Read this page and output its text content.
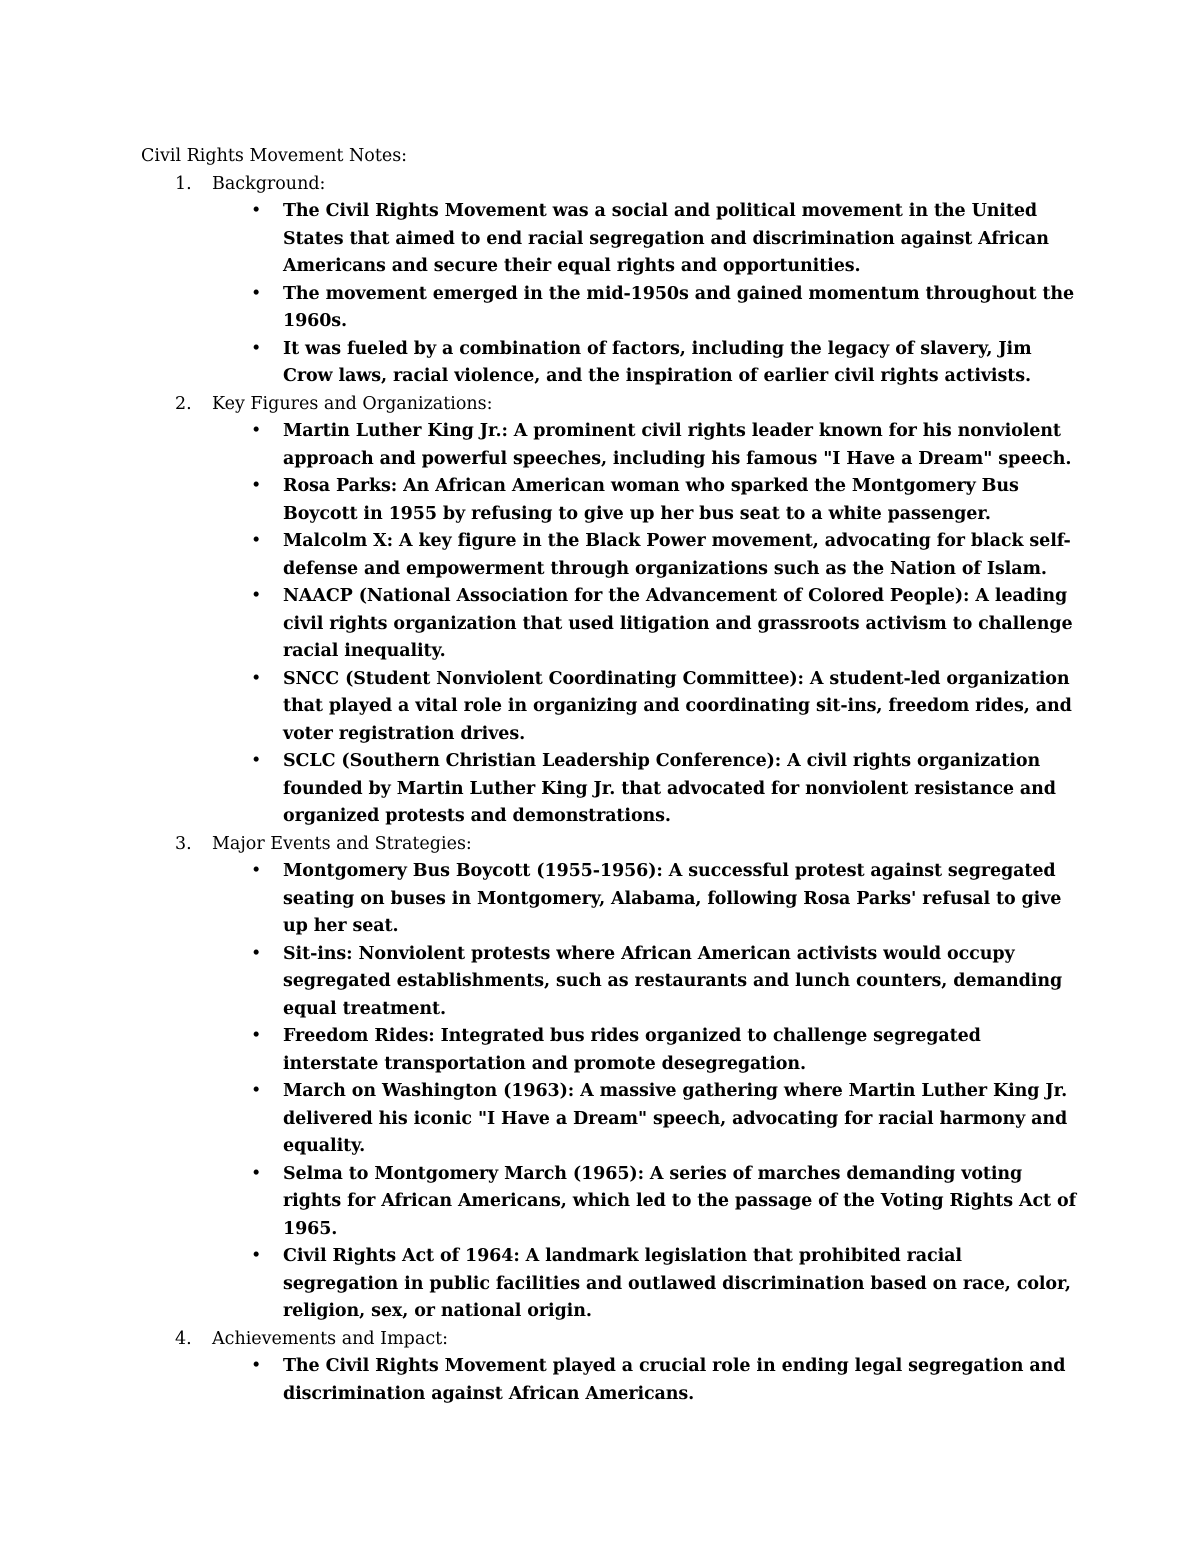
Civil Rights Movement Notes:

1. Background:
• The Civil Rights Movement was a social and political movement in the United States that aimed to end racial segregation and discrimination against African Americans and secure their equal rights and opportunities.
• The movement emerged in the mid-1950s and gained momentum throughout the 1960s.
• It was fueled by a combination of factors, including the legacy of slavery, Jim Crow laws, racial violence, and the inspiration of earlier civil rights activists.
2. Key Figures and Organizations:
• Martin Luther King Jr.: A prominent civil rights leader known for his nonviolent approach and powerful speeches, including his famous "I Have a Dream" speech.
• Rosa Parks: An African American woman who sparked the Montgomery Bus Boycott in 1955 by refusing to give up her bus seat to a white passenger.
• Malcolm X: A key figure in the Black Power movement, advocating for black self-defense and empowerment through organizations such as the Nation of Islam.
• NAACP (National Association for the Advancement of Colored People): A leading civil rights organization that used litigation and grassroots activism to challenge racial inequality.
• SNCC (Student Nonviolent Coordinating Committee): A student-led organization that played a vital role in organizing and coordinating sit-ins, freedom rides, and voter registration drives.
• SCLC (Southern Christian Leadership Conference): A civil rights organization founded by Martin Luther King Jr. that advocated for nonviolent resistance and organized protests and demonstrations.
3. Major Events and Strategies:
• Montgomery Bus Boycott (1955-1956): A successful protest against segregated seating on buses in Montgomery, Alabama, following Rosa Parks' refusal to give up her seat.
• Sit-ins: Nonviolent protests where African American activists would occupy segregated establishments, such as restaurants and lunch counters, demanding equal treatment.
• Freedom Rides: Integrated bus rides organized to challenge segregated interstate transportation and promote desegregation.
• March on Washington (1963): A massive gathering where Martin Luther King Jr. delivered his iconic "I Have a Dream" speech, advocating for racial harmony and equality.
• Selma to Montgomery March (1965): A series of marches demanding voting rights for African Americans, which led to the passage of the Voting Rights Act of 1965.
• Civil Rights Act of 1964: A landmark legislation that prohibited racial segregation in public facilities and outlawed discrimination based on race, color, religion, sex, or national origin.
4. Achievements and Impact:
• The Civil Rights Movement played a crucial role in ending legal segregation and discrimination against African Americans.
